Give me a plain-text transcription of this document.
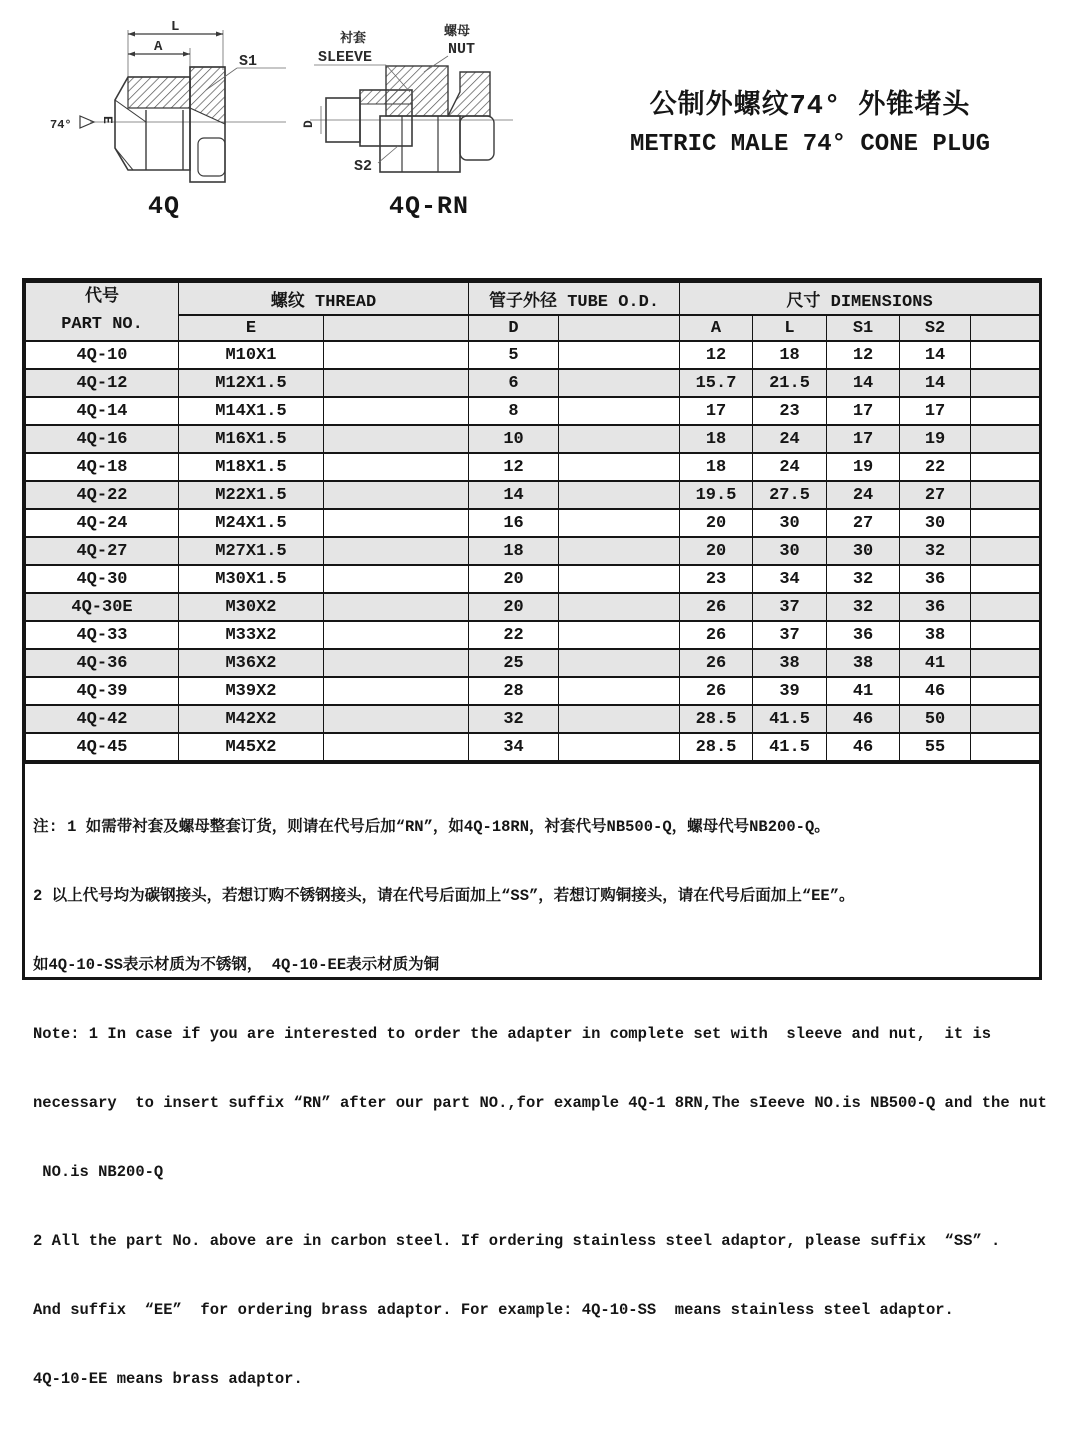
L
A
S1
74° E
4Q
D
衬套
SLEEVE
螺母
NUT
S2
4Q-RN
公制外螺纹74° 外锥堵头
METRIC MALE 74° CONE PLUG
代号
PART NO.	螺纹 THREAD		管子外径 TUBE O.D.		尺寸 DIMENSIONS				
	E		D		A	L	S1	S2	
4Q-10	M10X1		5		12	18	12	14	
4Q-12	M12X1.5		6		15.7	21.5	14	14	
4Q-14	M14X1.5		8		17	23	17	17	
4Q-16	M16X1.5		10		18	24	17	19	
4Q-18	M18X1.5		12		18	24	19	22	
4Q-22	M22X1.5		14		19.5	27.5	24	27	
4Q-24	M24X1.5		16		20	30	27	30	
4Q-27	M27X1.5		18		20	30	30	32	
4Q-30	M30X1.5		20		23	34	32	36	
4Q-30E	M30X2		20		26	37	32	36	
4Q-33	M33X2		22		26	37	36	38	
4Q-36	M36X2		25		26	38	38	41	
4Q-39	M39X2		28		26	39	41	46	
4Q-42	M42X2		32		28.5	41.5	46	50	
4Q-45	M45X2		34		28.5	41.5	46	55	

注: 1 如需带衬套及螺母整套订货，则请在代号后加“RN”，如4Q-18RN，衬套代号NB500-Q，螺母代号NB200-Q。

2 以上代号均为碳钢接头，若想订购不锈钢接头，请在代号后面加上“SS”，若想订购铜接头，请在代号后面加上“EE”。

如4Q-10-SS表示材质为不锈钢， 4Q-10-EE表示材质为铜

Note: 1 In case if you are interested to order the adapter in complete set with  sleeve and nut,  it is

necessary  to insert suffix “RN” after our part NO.,for example 4Q-1 8RN,The sIeeve NO.is NB500-Q and the nut

NO.is NB200-Q

2 All the part No. above are in carbon steel. If ordering stainless steel adaptor, please suffix  “SS” .

And suffix  “EE”  for ordering brass adaptor. For example: 4Q-10-SS  means stainless steel adaptor.

4Q-10-EE means brass adaptor.
